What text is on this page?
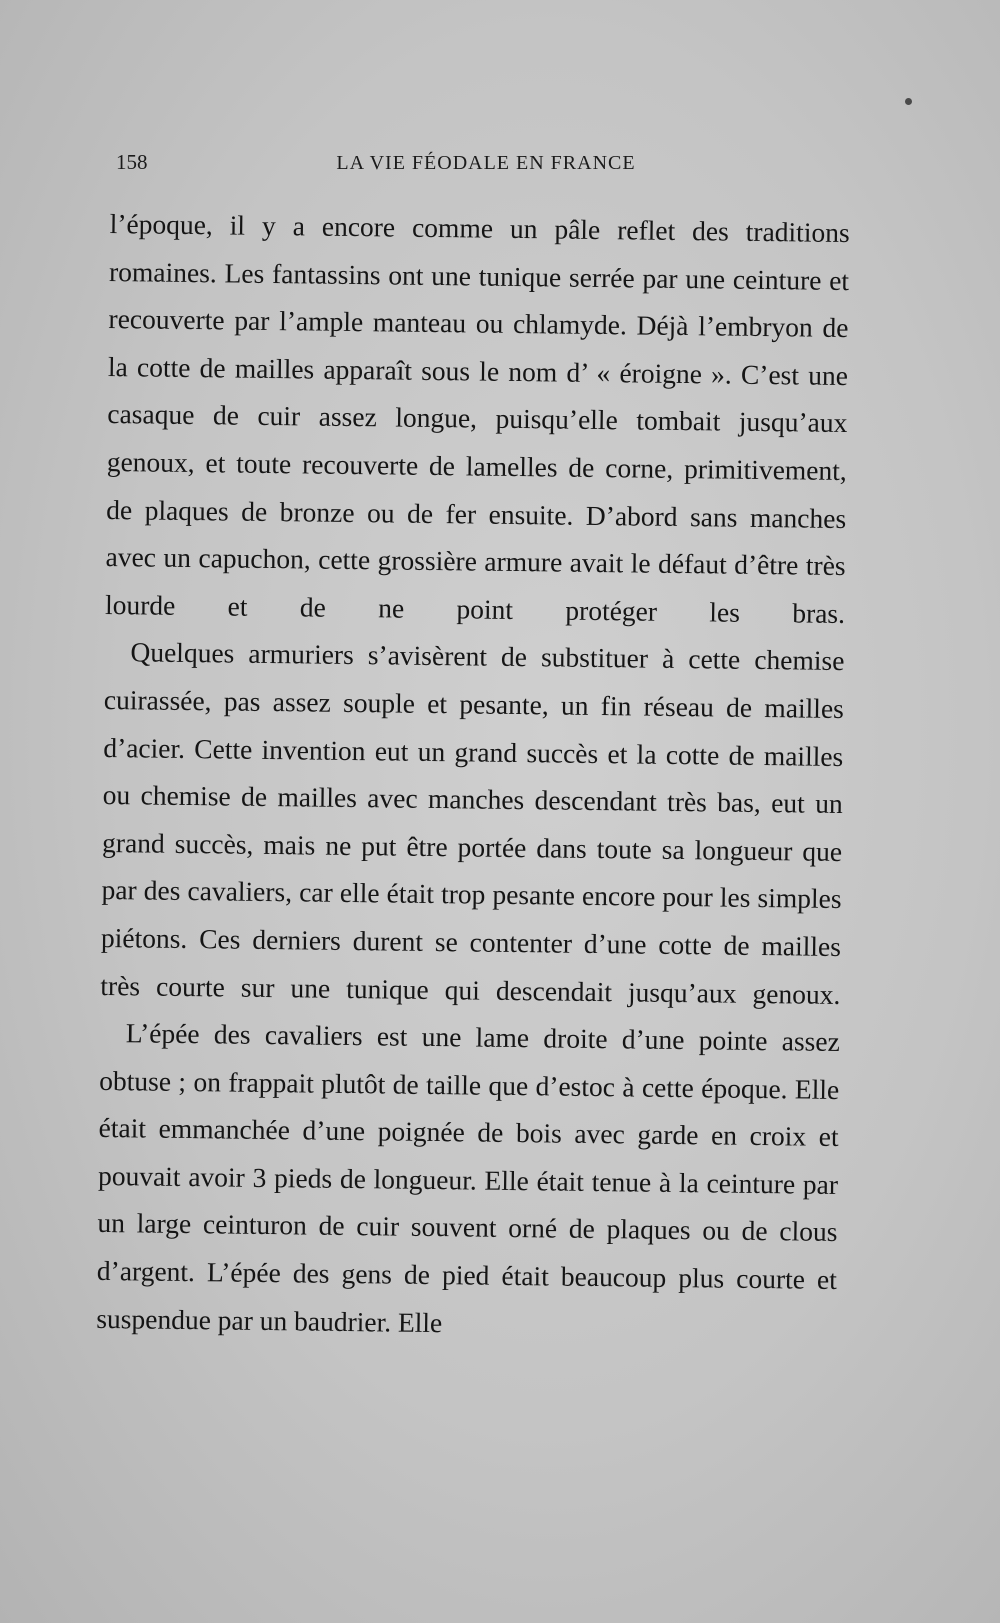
158	LA VIE FÉODALE EN FRANCE

l’époque, il y a encore comme un pâle reflet des traditions romaines. Les fantassins ont une tunique serrée par une ceinture et recouverte par l’ample manteau ou chlamyde. Déjà l’embryon de la cotte de mailles apparaît sous le nom d’ « éroigne ». C’est une casaque de cuir assez longue, puisqu’elle tombait jusqu’aux genoux, et toute recouverte de lamelles de corne, primitivement, de plaques de bronze ou de fer ensuite. D’abord sans manches avec un capuchon, cette grossière armure avait le défaut d’être très lourde et de ne point protéger les bras.

Quelques armuriers s’avisèrent de substituer à cette chemise cuirassée, pas assez souple et pesante, un fin réseau de mailles d’acier. Cette invention eut un grand succès et la cotte de mailles ou chemise de mailles avec manches descendant très bas, eut un grand succès, mais ne put être portée dans toute sa longueur que par des cavaliers, car elle était trop pesante encore pour les simples piétons. Ces derniers durent se contenter d’une cotte de mailles très courte sur une tunique qui descendait jusqu’aux genoux.

L’épée des cavaliers est une lame droite d’une pointe assez obtuse ; on frappait plutôt de taille que d’estoc à cette époque. Elle était emmanchée d’une poignée de bois avec garde en croix et pouvait avoir 3 pieds de longueur. Elle était tenue à la ceinture par un large ceinturon de cuir souvent orné de plaques ou de clous d’argent. L’épée des gens de pied était beaucoup plus courte et suspendue par un baudrier. Elle
